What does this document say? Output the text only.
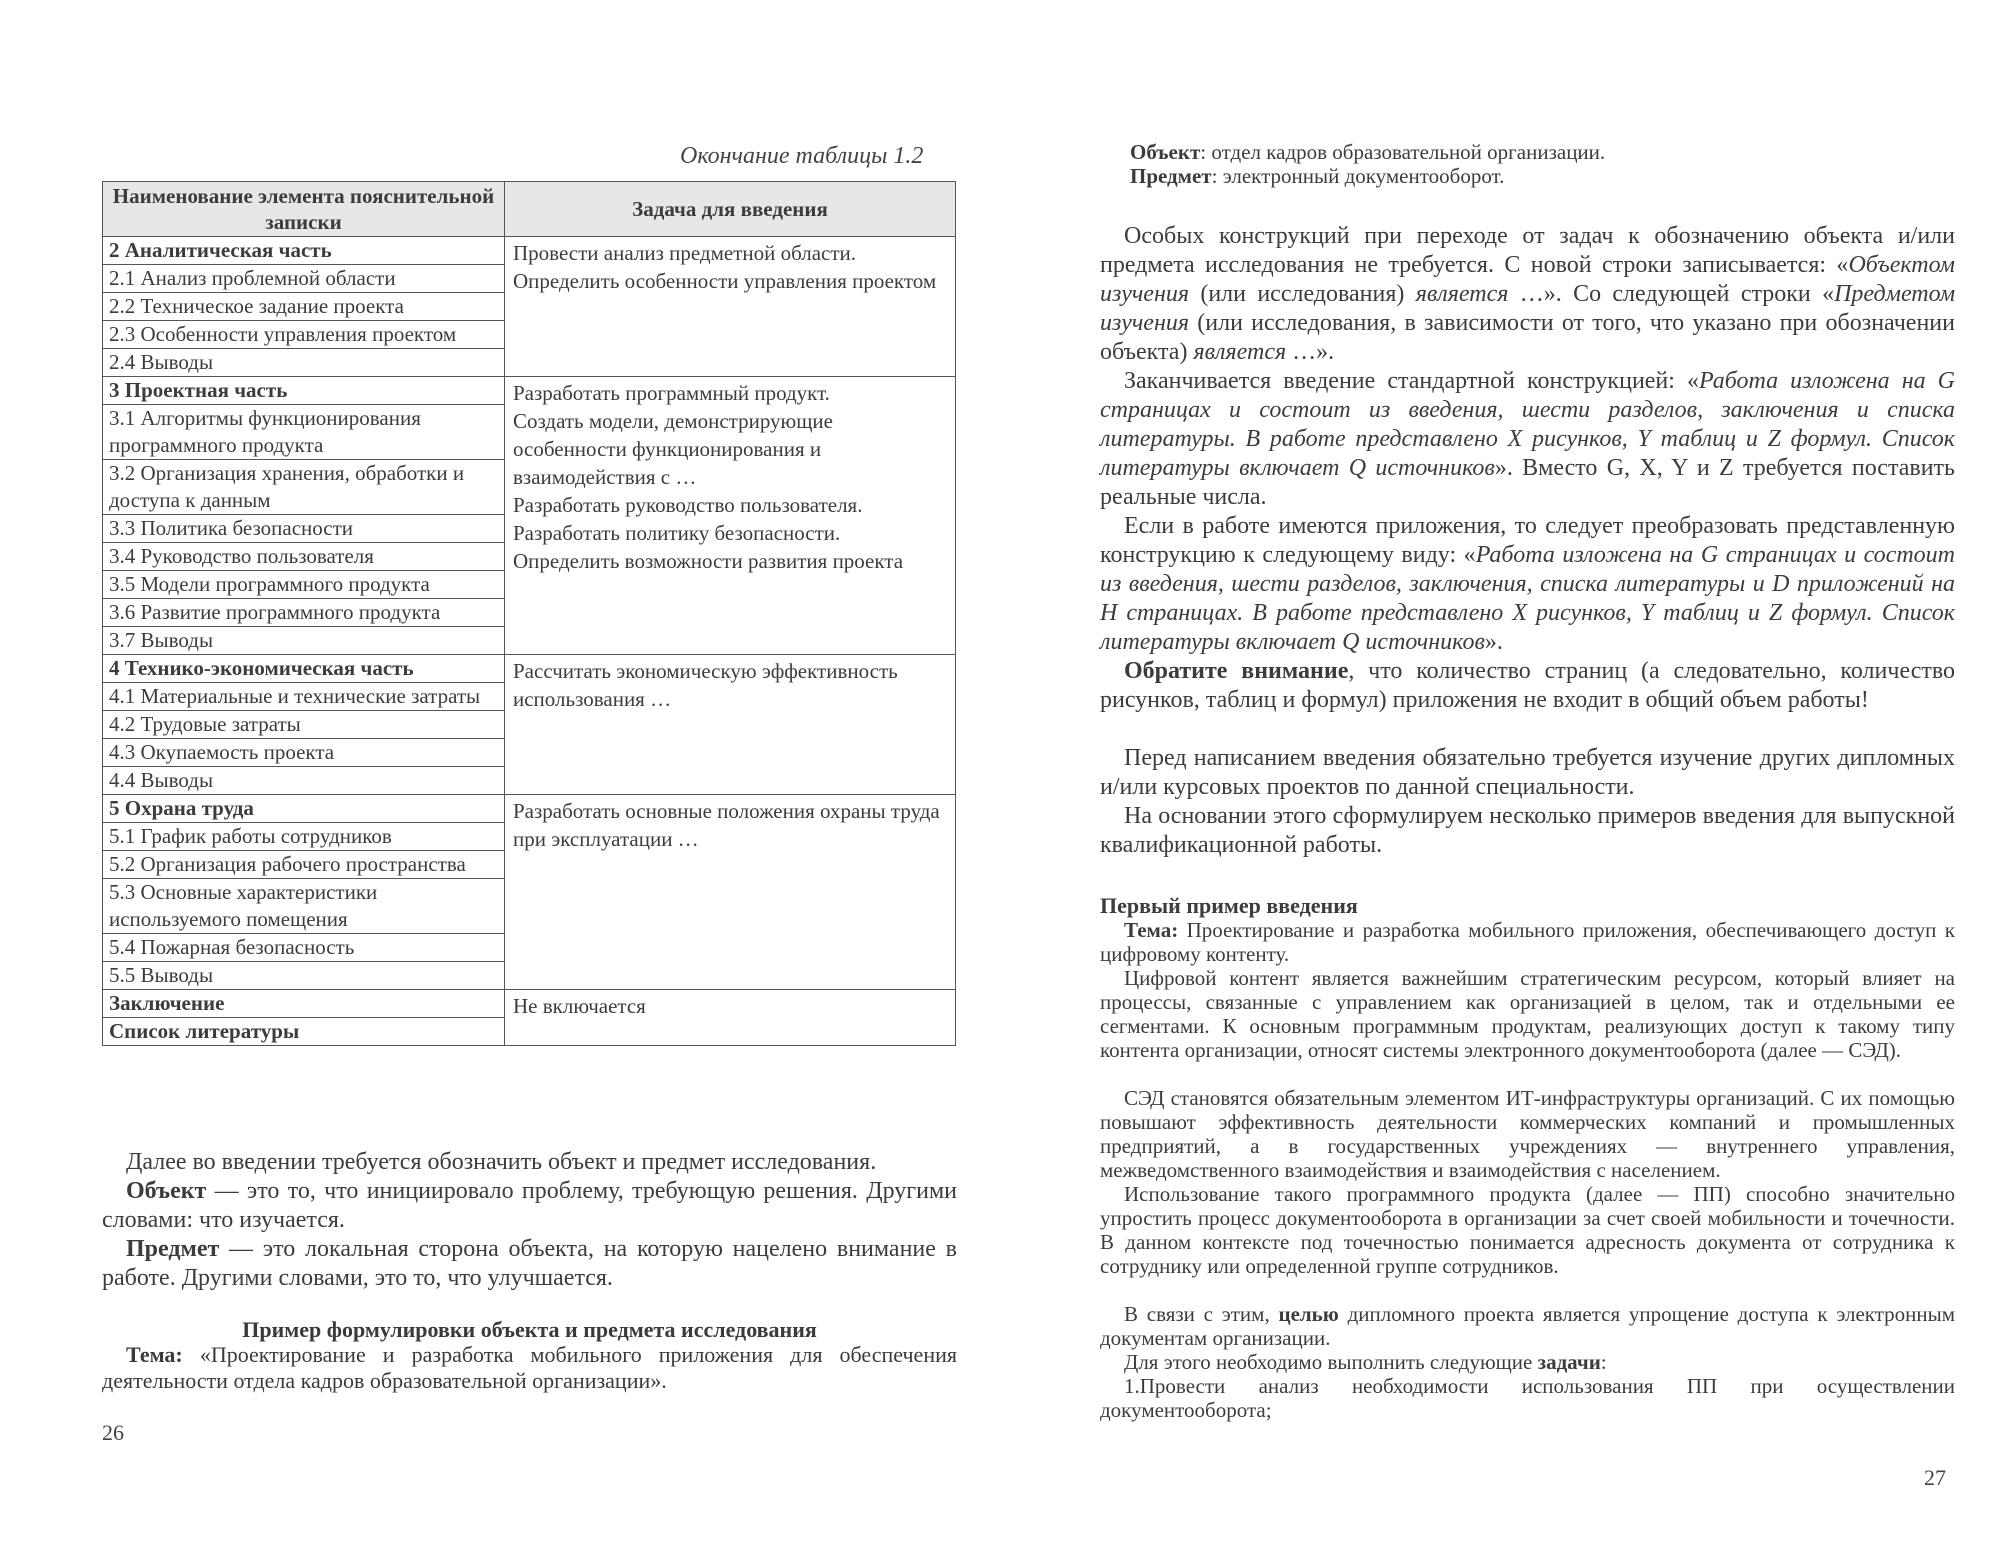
Окончание таблицы 1.2
Наименование элемента пояснительной записки	Задача для введения
2 Аналитическая часть	Провести анализ предметной области.
Определить особенности управления проектом

2.1 Анализ проблемной области	
2.2 Техническое задание проекта	
2.3 Особенности управления проектом	
2.4 Выводы	
3 Проектная часть	Разработать программный продукт.
Создать модели, демонстрирующие особенности функционирования и взаимодействия с …
Разработать руководство пользователя.
Разработать политику безопасности.
Определить возможности развития проекта

3.1 Алгоритмы функционирования программного продукта	
3.2 Организация хранения, обработки и доступа к данным	
3.3 Политика безопасности	
3.4 Руководство пользователя	
3.5 Модели программного продукта	
3.6 Развитие программного продукта	
3.7 Выводы	
4 Технико-экономическая часть	Рассчитать экономическую эффективность использования …

4.1 Материальные и технические затраты	
4.2 Трудовые затраты	
4.3 Окупаемость проекта	
4.4 Выводы	
5 Охрана труда	Разработать основные положения охраны труда при эксплуатации …

5.1 График работы сотрудников	
5.2 Организация рабочего пространства	
5.3 Основные характеристики используемого помещения	
5.4 Пожарная безопасность	
5.5 Выводы	
Заключение	Не включается

Список литературы	
Далее во введении требуется обозначить объект и предмет исследования.
Объект — это то, что инициировало проблему, требующую решения. Другими словами: что изучается.
Предмет — это локальная сторона объекта, на которую нацелено внимание в работе. Другими словами, это то, что улучшается.
Пример формулировки объекта и предмета исследования
Тема: «Проектирование и разработка мобильного приложения для обеспечения деятельности отдела кадров образовательной организации».
26
Объект: отдел кадров образовательной организации.
Предмет: электронный документооборот.
Особых конструкций при переходе от задач к обозначению объекта и/или предмета исследования не требуется. С новой строки записывается: «Объектом изучения (или исследования) является …». Со следующей строки «Предметом изучения (или исследования, в зависимости от того, что указано при обозначении объекта) является …».
Заканчивается введение стандартной конструкцией: «Работа изложена на G страницах и состоит из введения, шести разделов, заключения и списка литературы. В работе представлено X рисунков, Y таблиц и Z формул. Список литературы включает Q источников». Вместо G, X, Y и Z требуется поставить реальные числа.
Если в работе имеются приложения, то следует преобразовать представленную конструкцию к следующему виду: «Работа изложена на G страницах и состоит из введения, шести разделов, заключения, списка литературы и D приложений на H страницах. В работе представлено X рисунков, Y таблиц и Z формул. Список литературы включает Q источников».
Обратите внимание, что количество страниц (а следовательно, количество рисунков, таблиц и формул) приложения не входит в общий объем работы!
Перед написанием введения обязательно требуется изучение других дипломных и/или курсовых проектов по данной специальности.
На основании этого сформулируем несколько примеров введения для выпускной квалификационной работы.
Первый пример введения
Тема: Проектирование и разработка мобильного приложения, обеспечивающего доступ к цифровому контенту.
Цифровой контент является важнейшим стратегическим ресурсом, который влияет на процессы, связанные с управлением как организацией в целом, так и отдельными ее сегментами. К основным программным продуктам, реализующих доступ к такому типу контента организации, относят системы электронного документооборота (далее — СЭД).
СЭД становятся обязательным элементом ИТ-инфраструктуры организаций. С их помощью повышают эффективность деятельности коммерческих компаний и промышленных предприятий, а в государственных учреждениях — внутреннего управления, межведомственного взаимодействия и взаимодействия с населением.
Использование такого программного продукта (далее — ПП) способно значительно упростить процесс документооборота в организации за счет своей мобильности и точечности. В данном контексте под точечностью понимается адресность документа от сотрудника к сотруднику или определенной группе сотрудников.
В связи с этим, целью дипломного проекта является упрощение доступа к электронным документам организации.
Для этого необходимо выполнить следующие задачи:
1.Провести анализ необходимости использования ПП при осуществлении документооборота;
27
